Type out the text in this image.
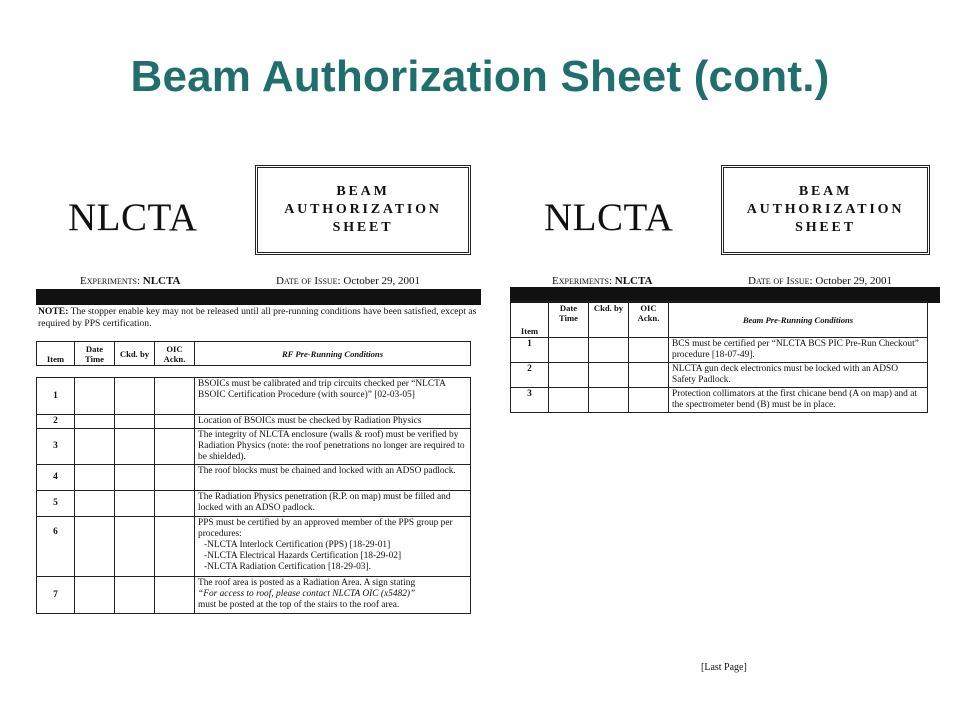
Beam Authorization Sheet (cont.)
NLCTA
BEAM
AUTHORIZATION
SHEET
Experiments: NLCTA	Date of Issue: October 29, 2001
NOTE: The stopper enable key may not be released until all pre-running conditions have been satisfied, except as required by PPS certification.
Item	Date Time	Ckd. by	OIC Ackn.	RF Pre-Running Conditions
1				BSOICs must be calibrated and trip circuits checked per “NLCTA BSOIC Certification Procedure (with source)” [02-03-05]
2				Location of BSOICs must be checked by Radiation Physics
3				The integrity of NLCTA enclosure (walls & roof) must be verified by Radiation Physics (note: the roof penetrations no longer are required to be shielded).
4				The roof blocks must be chained and locked with an ADSO padlock.
5				The Radiation Physics penetration (R.P. on map) must be filled and locked with an ADSO padlock.
6				PPS must be certified by an approved member of the PPS group per procedures:
-NLCTA Interlock Certification (PPS) [18-29-01]
-NLCTA Electrical Hazards Certification [18-29-02]
-NLCTA Radiation Certification [18-29-03].

7				The roof area is posted as a Radiation Area. A sign stating
“For access to roof, please contact NLCTA OIC (x5482)”
must be posted at the top of the stairs to the roof area.
NLCTA
BEAM
AUTHORIZATION
SHEET
Experiments: NLCTA	Date of Issue: October 29, 2001
Item	Date Time	Ckd. by	OIC Ackn.	Beam Pre-Running Conditions
1				BCS must be certified per “NLCTA BCS PIC Pre-Run Checkout” procedure [18-07-49].
2				NLCTA gun deck electronics must be locked with an ADSO Safety Padlock.
3				Protection collimators at the first chicane bend (A on map) and at the spectrometer bend (B) must be in place.
[Last Page]
